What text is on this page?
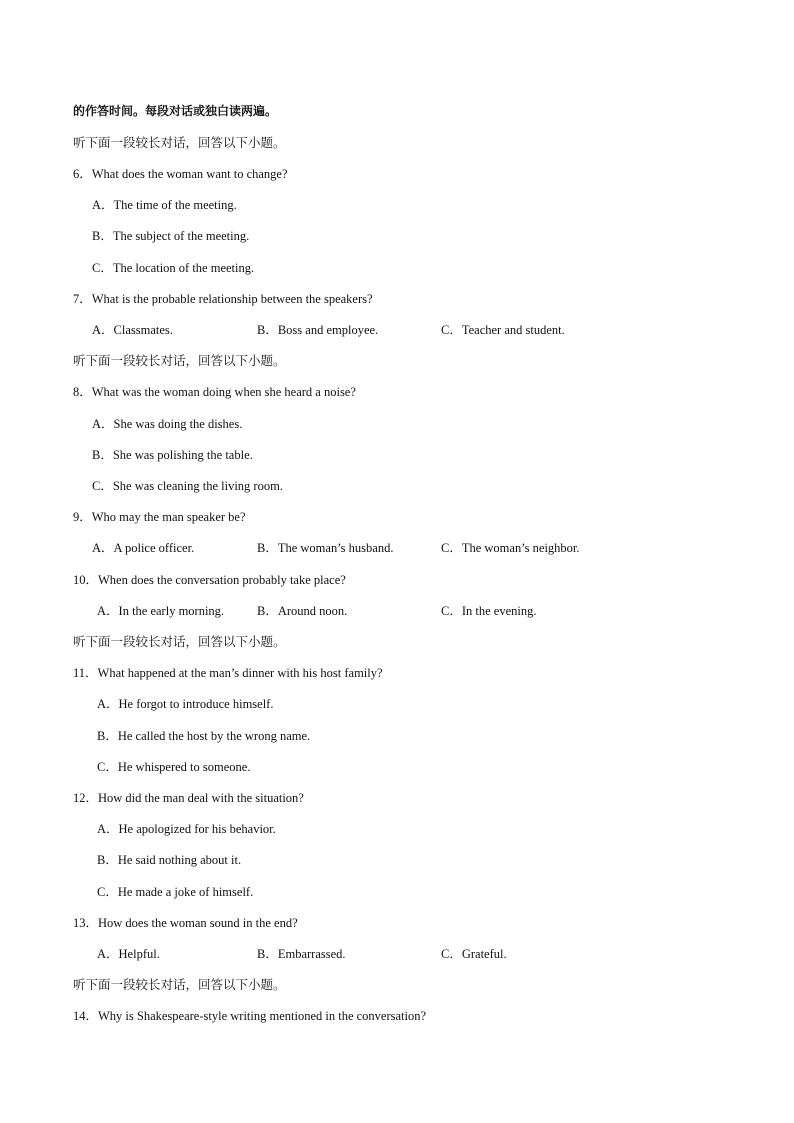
的作答时间。每段对话或独白读两遍。
听下面一段较长对话，回答以下小题。
6．What does the woman want to change?
A．The time of the meeting.
B．The subject of the meeting.
C．The location of the meeting.
7．What is the probable relationship between the speakers?
A．Classmates.	B．Boss and employee.	C．Teacher and student.
听下面一段较长对话，回答以下小题。
8．What was the woman doing when she heard a noise?
A．She was doing the dishes.
B．She was polishing the table.
C．She was cleaning the living room.
9．Who may the man speaker be?
A．A police officer.	B．The woman’s husband.	C．The woman’s neighbor.
10．When does the conversation probably take place?
A．In the early morning.	B．Around noon.	C．In the evening.
听下面一段较长对话，回答以下小题。
11．What happened at the man’s dinner with his host family?
A．He forgot to introduce himself.
B．He called the host by the wrong name.
C．He whispered to someone.
12．How did the man deal with the situation?
A．He apologized for his behavior.
B．He said nothing about it.
C．He made a joke of himself.
13．How does the woman sound in the end?
A．Helpful.	B．Embarrassed.	C．Grateful.
听下面一段较长对话，回答以下小题。
14．Why is Shakespeare-style writing mentioned in the conversation?
